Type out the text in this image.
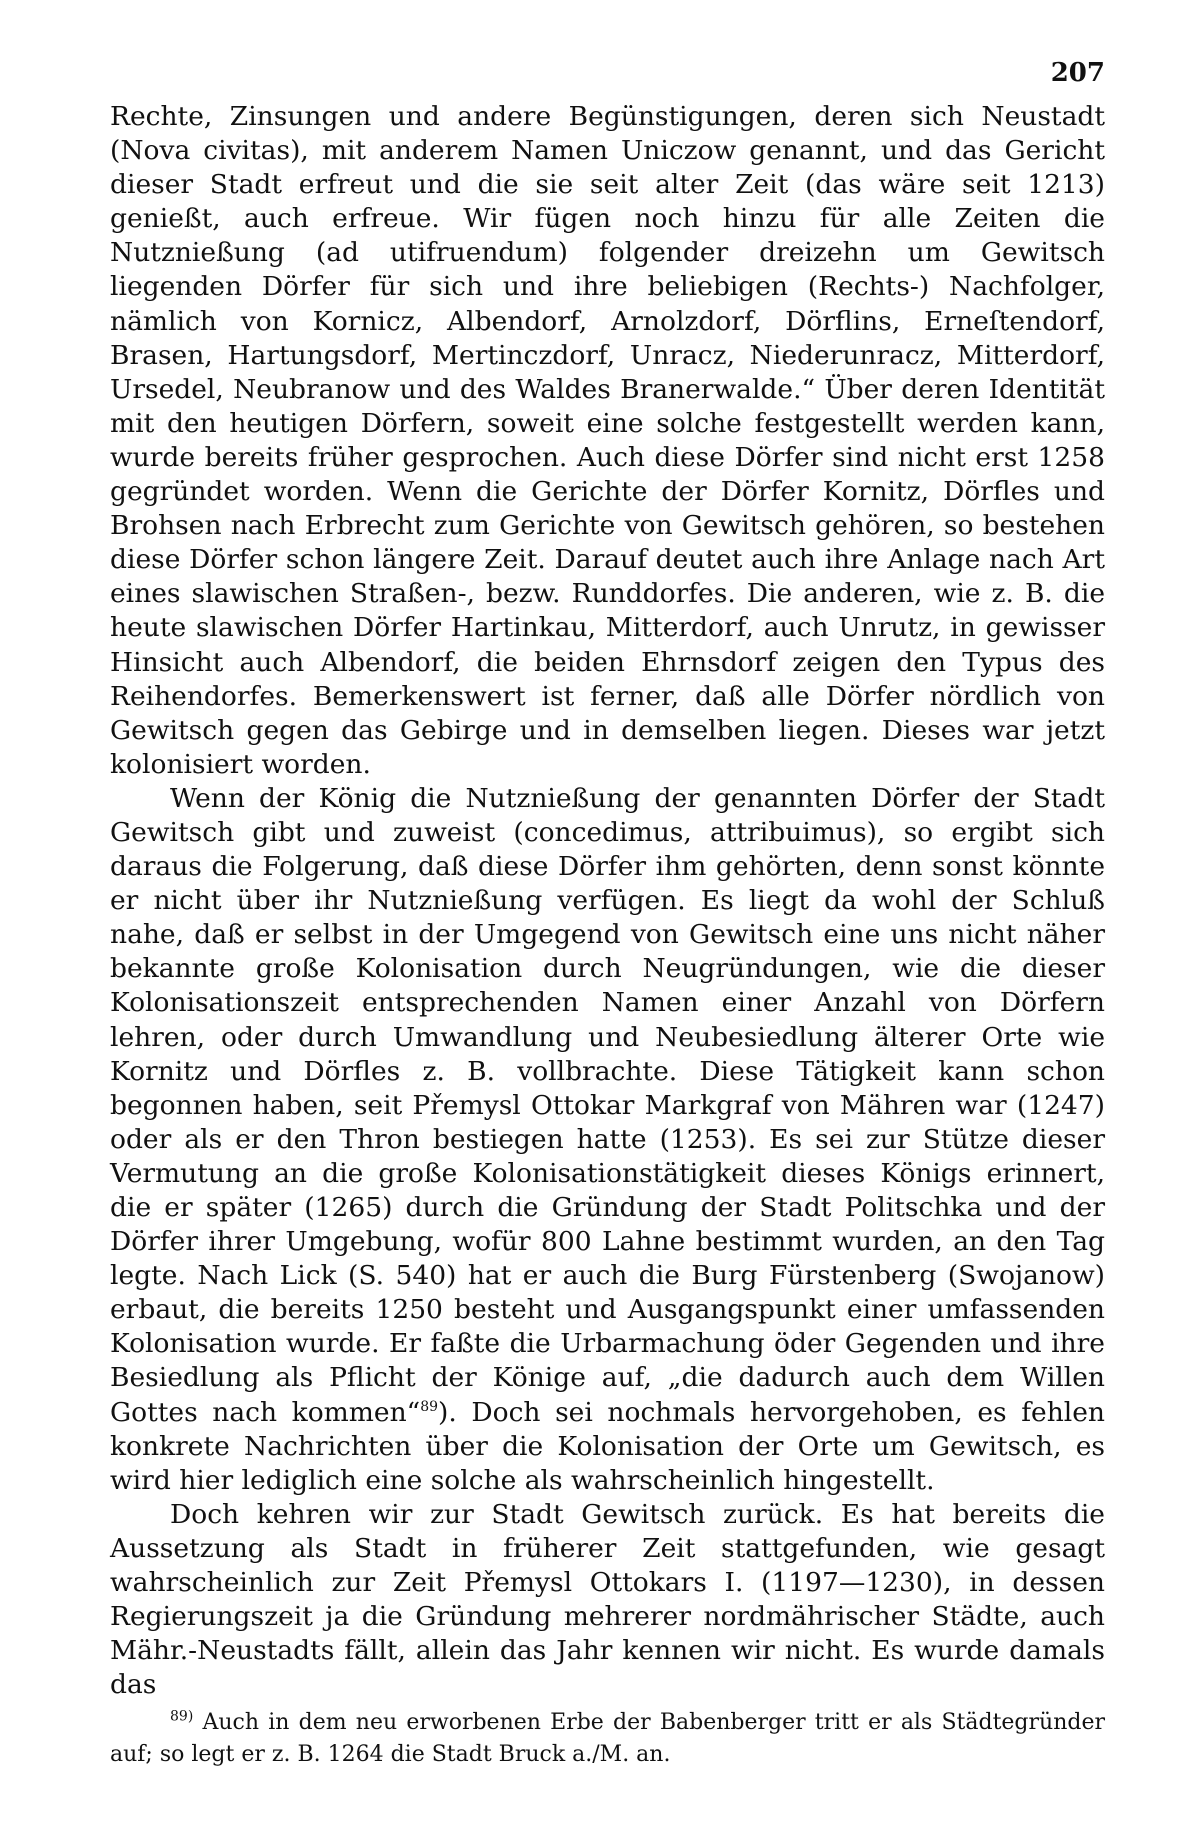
207

Rechte, Zinsungen und andere Begünstigungen, deren sich Neustadt (Nova civitas), mit anderem Namen Uniczow genannt, und das Gericht dieser Stadt erfreut und die sie seit alter Zeit (das wäre seit 1213) genießt, auch erfreue. Wir fügen noch hinzu für alle Zeiten die Nutznießung (ad utifruendum) folgender dreizehn um Gewitsch liegenden Dörfer für sich und ihre beliebigen (Rechts-) Nachfolger, nämlich von Kornicz, Albendorf, Arnolzdorf, Dörflins, Erneſtendorf, Brasen, Hartungsdorf, Mertinczdorf, Unracz, Niederunracz, Mitterdorf, Ursedel, Neubranow und des Waldes Branerwalde.“ Über deren Identität mit den heutigen Dörfern, soweit eine solche festgestellt werden kann, wurde bereits früher gesprochen. Auch diese Dörfer sind nicht erst 1258 gegründet worden. Wenn die Gerichte der Dörfer Kornitz, Dörfles und Brohsen nach Erbrecht zum Gerichte von Gewitsch gehören, so bestehen diese Dörfer schon längere Zeit. Darauf deutet auch ihre Anlage nach Art eines slawischen Straßen-, bezw. Runddorfes. Die anderen, wie z. B. die heute slawischen Dörfer Hartinkau, Mitterdorf, auch Unrutz, in gewisser Hinsicht auch Albendorf, die beiden Ehrnsdorf zeigen den Typus des Reihendorfes. Bemerkenswert ist ferner, daß alle Dörfer nördlich von Gewitsch gegen das Gebirge und in demselben liegen. Dieses war jetzt kolonisiert worden.

Wenn der König die Nutznießung der genannten Dörfer der Stadt Gewitsch gibt und zuweist (concedimus, attribuimus), so ergibt sich daraus die Folgerung, daß diese Dörfer ihm gehörten, denn sonst könnte er nicht über ihr Nutznießung verfügen. Es liegt da wohl der Schluß nahe, daß er selbst in der Umgegend von Gewitsch eine uns nicht näher bekannte große Kolonisation durch Neugründungen, wie die dieser Kolonisationszeit entsprechenden Namen einer Anzahl von Dörfern lehren, oder durch Umwandlung und Neubesiedlung älterer Orte wie Kornitz und Dörfles z. B. vollbrachte. Diese Tätigkeit kann schon begonnen haben, seit Přemysl Ottokar Markgraf von Mähren war (1247) oder als er den Thron bestiegen hatte (1253). Es sei zur Stütze dieser Vermutung an die große Kolonisationstätigkeit dieses Königs erinnert, die er später (1265) durch die Gründung der Stadt Politschka und der Dörfer ihrer Umgebung, wofür 800 Lahne bestimmt wurden, an den Tag legte. Nach Lick (S. 540) hat er auch die Burg Fürstenberg (Swojanow) erbaut, die bereits 1250 besteht und Ausgangspunkt einer umfassenden Kolonisation wurde. Er faßte die Urbarmachung öder Gegenden und ihre Besiedlung als Pflicht der Könige auf, „die dadurch auch dem Willen Gottes nach kommen“$^{89}$). Doch sei nochmals hervorgehoben, es fehlen konkrete Nachrichten über die Kolonisation der Orte um Gewitsch, es wird hier lediglich eine solche als wahrscheinlich hingestellt.

Doch kehren wir zur Stadt Gewitsch zurück. Es hat bereits die Aussetzung als Stadt in früherer Zeit stattgefunden, wie gesagt wahrscheinlich zur Zeit Přemysl Ottokars I. (1197—1230), in dessen Regierungszeit ja die Gründung mehrerer nordmährischer Städte, auch Mähr.-Neustadts fällt, allein das Jahr kennen wir nicht. Es wurde damals das

$^{89)}$ Auch in dem neu erworbenen Erbe der Babenberger tritt er als Städtegründer auf; so legt er z. B. 1264 die Stadt Bruck a./M. an.
